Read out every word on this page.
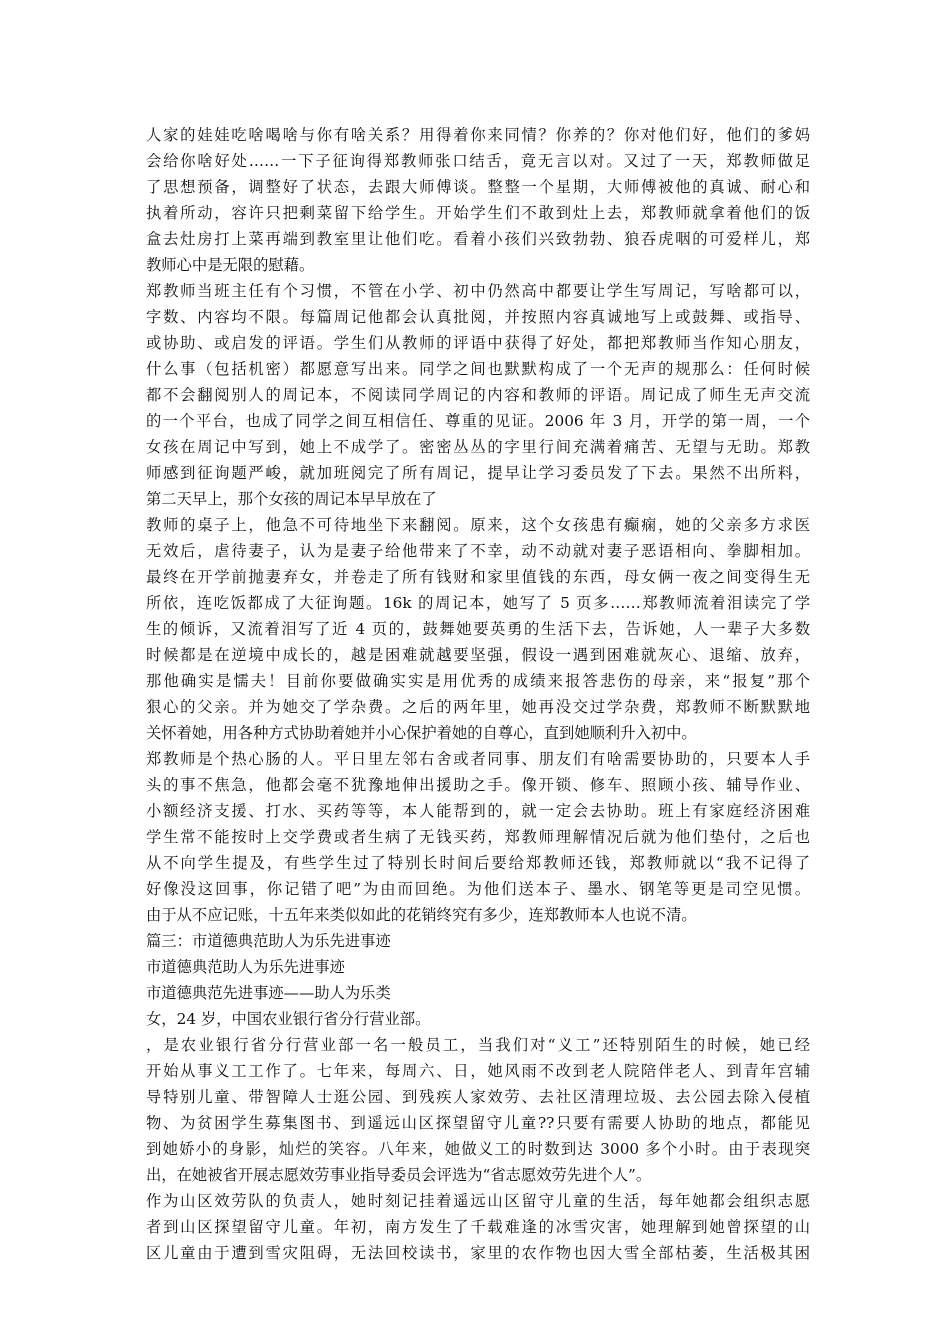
人家的娃娃吃啥喝啥与你有啥关系？用得着你来同情？你养的？你对他们好，他们的爹妈
会给你啥好处……一下子征询得郑教师张口结舌，竟无言以对。又过了一天，郑教师做足
了思想预备，调整好了状态，去跟大师傅谈。整整一个星期，大师傅被他的真诚、耐心和
执着所动，容许只把剩菜留下给学生。开始学生们不敢到灶上去，郑教师就拿着他们的饭
盒去灶房打上菜再端到教室里让他们吃。看着小孩们兴致勃勃、狼吞虎咽的可爱样儿，郑
教师心中是无限的慰藉。
郑教师当班主任有个习惯，不管在小学、初中仍然高中都要让学生写周记，写啥都可以，
字数、内容均不限。每篇周记他都会认真批阅，并按照内容真诚地写上或鼓舞、或指导、
或协助、或启发的评语。学生们从教师的评语中获得了好处，都把郑教师当作知心朋友，
什么事（包括机密）都愿意写出来。同学之间也默默构成了一个无声的规那么：任何时候
都不会翻阅别人的周记本，不阅读同学周记的内容和教师的评语。周记成了师生无声交流
的一个平台，也成了同学之间互相信任、尊重的见证。2006 年 3 月，开学的第一周，一个
女孩在周记中写到，她上不成学了。密密丛丛的字里行间充满着痛苦、无望与无助。郑教
师感到征询题严峻，就加班阅完了所有周记，提早让学习委员发了下去。果然不出所料，
第二天早上，那个女孩的周记本早早放在了
教师的桌子上，他急不可待地坐下来翻阅。原来，这个女孩患有癫痫，她的父亲多方求医
无效后，虐待妻子，认为是妻子给他带来了不幸，动不动就对妻子恶语相向、拳脚相加。
最终在开学前抛妻弃女，并卷走了所有钱财和家里值钱的东西，母女俩一夜之间变得生无
所依，连吃饭都成了大征询题。16k 的周记本，她写了 5 页多……郑教师流着泪读完了学
生的倾诉，又流着泪写了近 4 页的，鼓舞她要英勇的生活下去，告诉她，人一辈子大多数
时候都是在逆境中成长的，越是困难就越要坚强，假设一遇到困难就灰心、退缩、放弃，
那他确实是懦夫！目前你要做确实实是用优秀的成绩来报答悲伤的母亲，来“报复”那个
狠心的父亲。并为她交了学杂费。之后的两年里，她再没交过学杂费，郑教师不断默默地
关怀着她，用各种方式协助着她并小心保护着她的自尊心，直到她顺利升入初中。
郑教师是个热心肠的人。平日里左邻右舍或者同事、朋友们有啥需要协助的，只要本人手
头的事不焦急，他都会毫不犹豫地伸出援助之手。像开锁、修车、照顾小孩、辅导作业、
小额经济支援、打水、买药等等，本人能帮到的，就一定会去协助。班上有家庭经济困难
学生常不能按时上交学费或者生病了无钱买药，郑教师理解情况后就为他们垫付，之后也
从不向学生提及，有些学生过了特别长时间后要给郑教师还钱，郑教师就以“我不记得了
好像没这回事，你记错了吧”为由而回绝。为他们送本子、墨水、钢笔等更是司空见惯。
由于从不应记账，十五年来类似如此的花销终究有多少，连郑教师本人也说不清。
篇三：市道德典范助人为乐先进事迹
市道德典范助人为乐先进事迹
市道德典范先进事迹——助人为乐类
女，24 岁，中国农业银行省分行营业部。
，是农业银行省分行营业部一名一般员工，当我们对“义工”还特别陌生的时候，她已经
开始从事义工工作了。七年来，每周六、日，她风雨不改到老人院陪伴老人、到青年宫辅
导特别儿童、带智障人士逛公园、到残疾人家效劳、去社区清理垃圾、去公园去除入侵植
物、为贫困学生募集图书、到遥远山区探望留守儿童??只要有需要人协助的地点，都能见
到她娇小的身影，灿烂的笑容。八年来，她做义工的时数到达 3000 多个小时。由于表现突
出，在她被省开展志愿效劳事业指导委员会评选为“省志愿效劳先进个人”。
作为山区效劳队的负责人，她时刻记挂着遥远山区留守儿童的生活，每年她都会组织志愿
者到山区探望留守儿童。年初，南方发生了千载难逢的冰雪灾害，她理解到她曾探望的山
区儿童由于遭到雪灾阻碍，无法回校读书，家里的农作物也因大雪全部枯萎，生活极其困
